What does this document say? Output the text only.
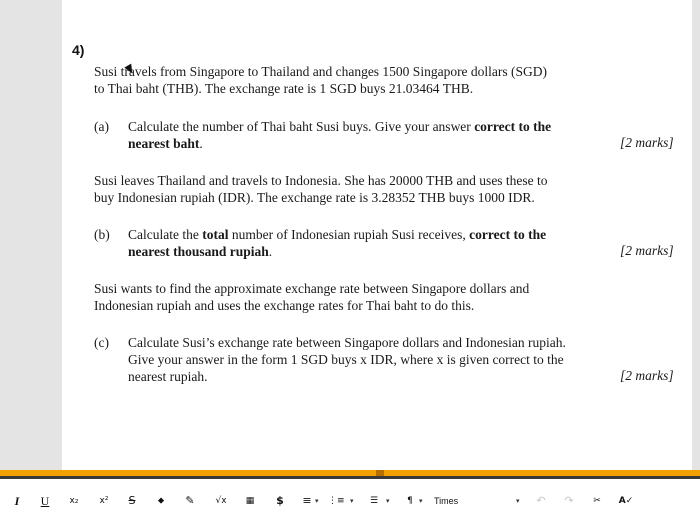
4)
Susi travels from Singapore to Thailand and changes 1500 Singapore dollars (SGD)
to Thai baht (THB). The exchange rate is 1 SGD buys 21.03464 THB.
(a) Calculate the number of Thai baht Susi buys. Give your answer correct to the
nearest baht.	[2 marks]
Susi leaves Thailand and travels to Indonesia. She has 20000 THB and uses these to
buy Indonesian rupiah (IDR). The exchange rate is 3.28352 THB buys 1000 IDR.
(b) Calculate the total number of Indonesian rupiah Susi receives, correct to the
nearest thousand rupiah.	[2 marks]
Susi wants to find the approximate exchange rate between Singapore dollars and
Indonesian rupiah and uses the exchange rates for Thai baht to do this.
(c) Calculate Susi’s exchange rate between Singapore dollars and Indonesian rupiah.
Give your answer in the form 1 SGD buys x IDR, where x is given correct to the
nearest rupiah.	[2 marks]
I	U	x₂	x²	S	⬥	✎	√x	▦	$	≡ ▾ ⋮≡ ▾	☰	▾	¶ ▾ Times	▾ ↶ ↷	✂	A✓
